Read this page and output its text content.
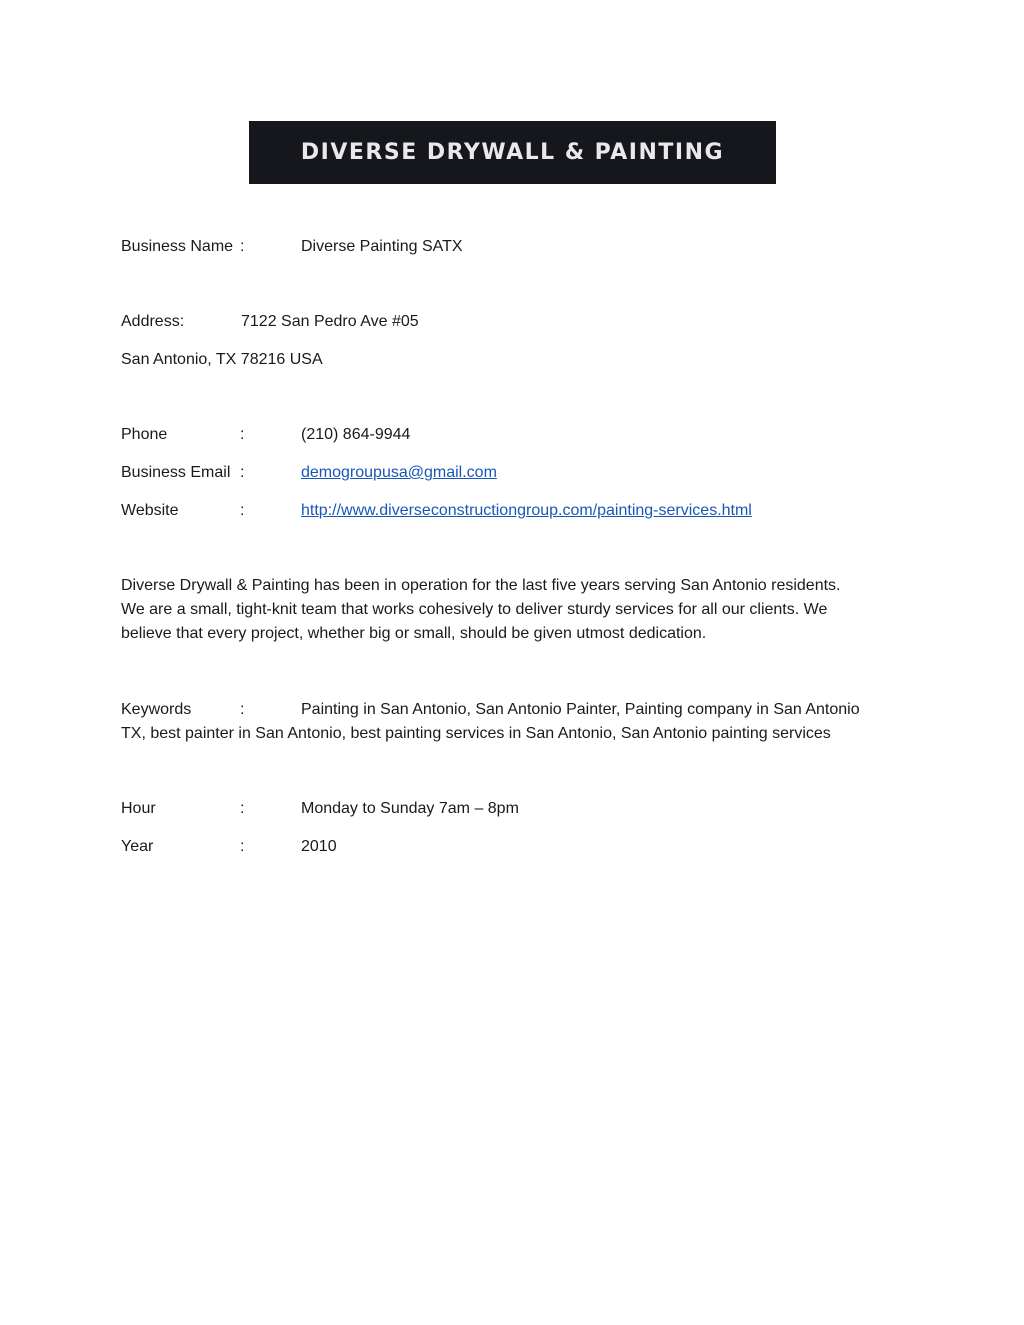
DIVERSE DRYWALL & PAINTING
Business Name :	Diverse Painting SATX
Address:	7122 San Pedro Ave #05
San Antonio, TX 78216 USA
Phone	:	(210) 864-9944
Business Email :	demogroupusa@gmail.com
Website	:	http://www.diverseconstructiongroup.com/painting-services.html

Diverse Drywall & Painting has been in operation for the last five years serving San Antonio residents.

We are a small, tight-knit team that works cohesively to deliver sturdy services for all our clients. We

believe that every project, whether big or small, should be given utmost dedication.

Keywords	:	Painting in San Antonio, San Antonio Painter, Painting company in San Antonio
TX, best painter in San Antonio, best painting services in San Antonio, San Antonio painting services
Hour	:	Monday to Sunday 7am – 8pm
Year	:	2010
